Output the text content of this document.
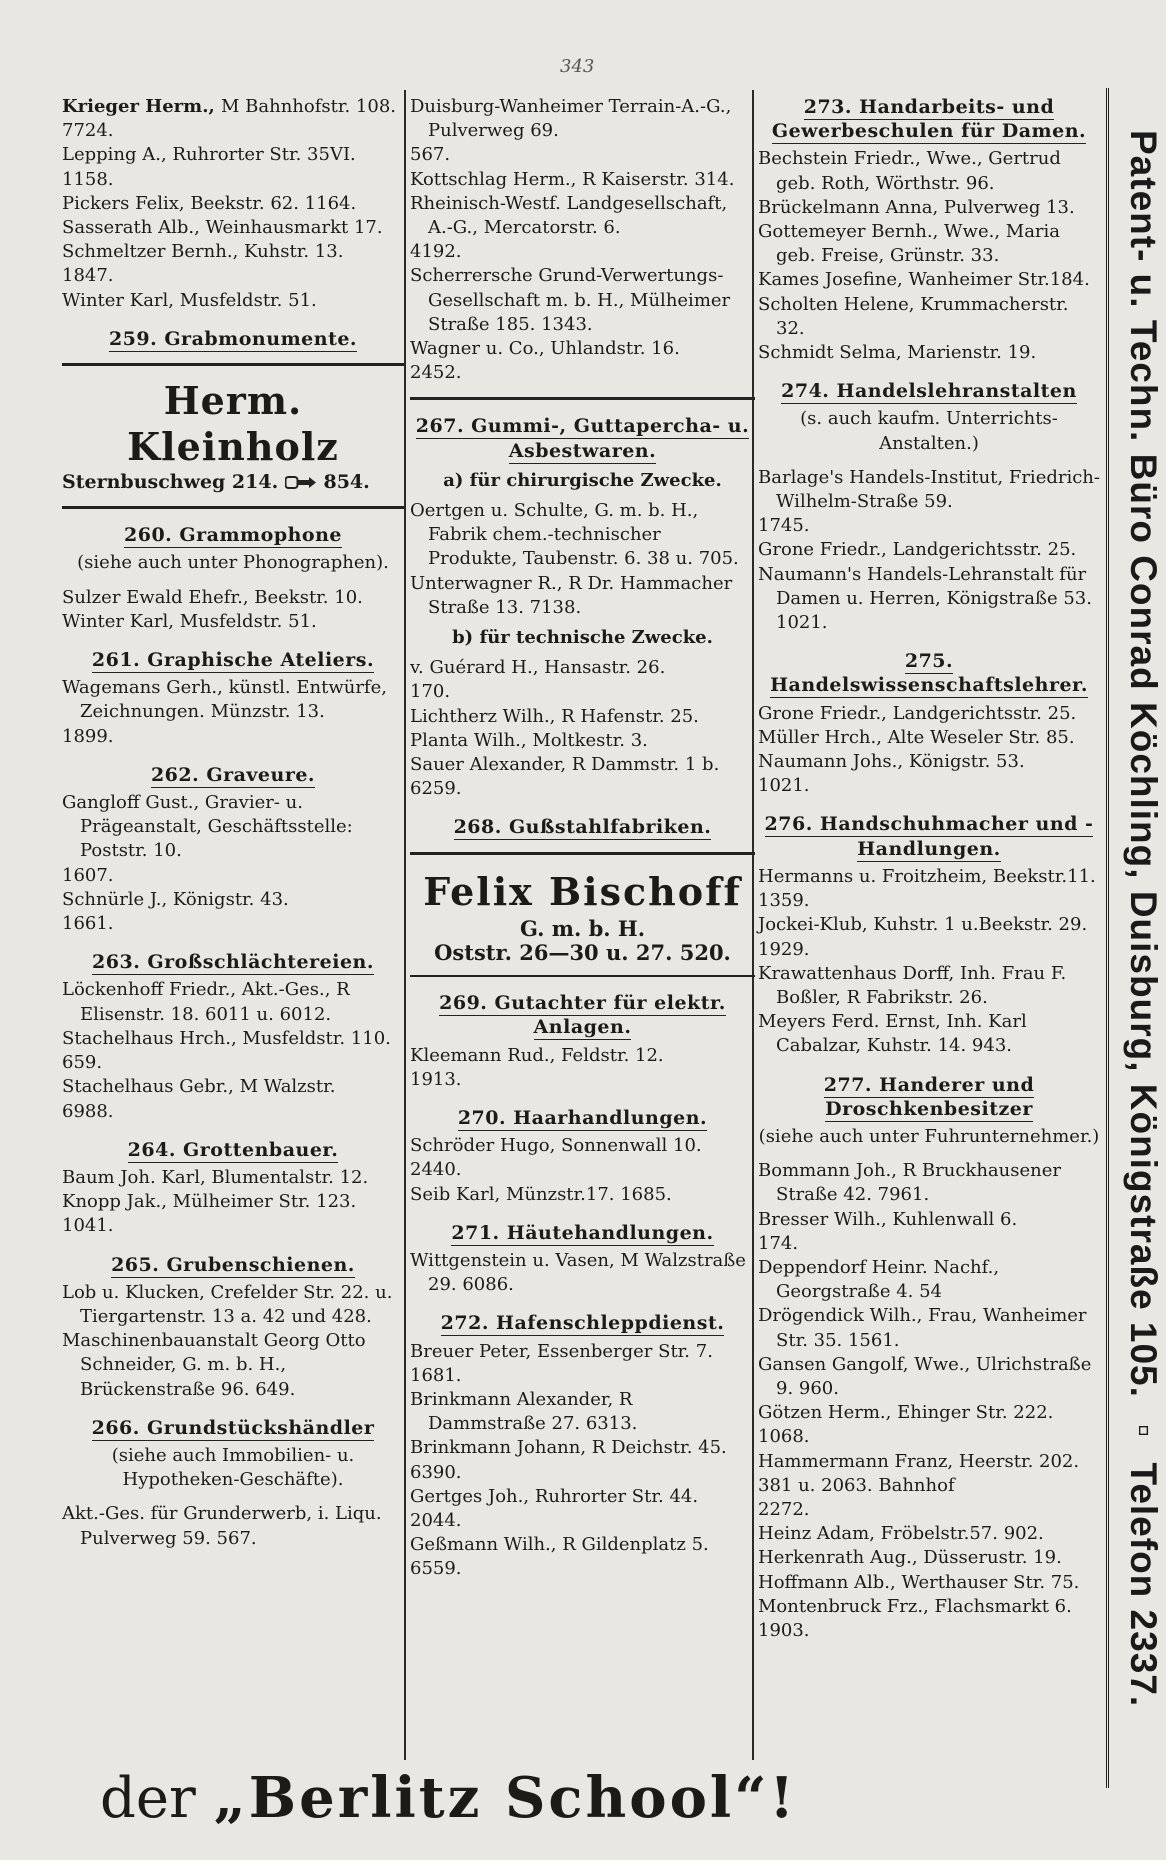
343

Krieger Herm., M Bahnhofstr. 108.

7724.

Lepping A., Ruhrorter Str. 35VI.

1158.

Pickers Felix, Beekstr. 62. 1164.

Sasserath Alb., Weinhausmarkt 17.

Schmeltzer Bernh., Kuhstr. 13.

1847.

Winter Karl, Musfeldstr. 51.

259. Grabmonumente.
Herm. Kleinholz
Sternbuschweg 214. 854.
260. Grammophone
(siehe auch unter Phonographen).

Sulzer Ewald Ehefr., Beekstr. 10.

Winter Karl, Musfeldstr. 51.

261. Graphische Ateliers.

Wagemans Gerh., künstl. Entwürfe, Zeichnungen. Münzstr. 13.

1899.

262. Graveure.

Gangloff Gust., Gravier- u. Prägeanstalt, Geschäftsstelle: Poststr. 10.

1607.

Schnürle J., Königstr. 43.

1661.

263. Großschlächtereien.

Löckenhoff Friedr., Akt.-Ges., R Elisenstr. 18. 6011 u. 6012.

Stachelhaus Hrch., Musfeldstr. 110.

659.

Stachelhaus Gebr., M Walzstr.

6988.

264. Grottenbauer.

Baum Joh. Karl, Blumentalstr. 12.

Knopp Jak., Mülheimer Str. 123.

1041.

265. Grubenschienen.

Lob u. Klucken, Crefelder Str. 22. u. Tiergartenstr. 13 a. 42 und 428.

Maschinenbauanstalt Georg Otto Schneider, G. m. b. H., Brückenstraße 96. 649.

266. Grundstückshändler
(siehe auch Immobilien- u. Hypotheken-Geschäfte).

Akt.-Ges. für Grunderwerb, i. Liqu. Pulverweg 59. 567.

Duisburg-Wanheimer Terrain-A.-G., Pulverweg 69.

567.

Kottschlag Herm., R Kaiserstr. 314.

Rheinisch-Westf. Landgesellschaft, A.-G., Mercatorstr. 6.

4192.

Scherrersche Grund-Verwertungs-Gesellschaft m. b. H., Mülheimer Straße 185. 1343.

Wagner u. Co., Uhlandstr. 16.

2452.

267. Gummi-, Guttapercha- u. Asbestwaren.
a) für chirurgische Zwecke.

Oertgen u. Schulte, G. m. b. H., Fabrik chem.-technischer Produkte, Taubenstr. 6. 38 u. 705.

Unterwagner R., R Dr. Hammacher Straße 13. 7138.

b) für technische Zwecke.

v. Guérard H., Hansastr. 26.

170.

Lichtherz Wilh., R Hafenstr. 25.

Planta Wilh., Moltkestr. 3.

Sauer Alexander, R Dammstr. 1 b.

6259.

268. Gußstahlfabriken.
Felix Bischoff
G. m. b. H.
Oststr. 26—30 u. 27. 520.
269. Gutachter für elektr. Anlagen.

Kleemann Rud., Feldstr. 12.

1913.

270. Haarhandlungen.

Schröder Hugo, Sonnenwall 10.

2440.

Seib Karl, Münzstr.17. 1685.

271. Häutehandlungen.

Wittgenstein u. Vasen, M Walzstraße 29. 6086.

272. Hafenschleppdienst.

Breuer Peter, Essenberger Str. 7.

1681.

Brinkmann Alexander, R Dammstraße 27. 6313.

Brinkmann Johann, R Deichstr. 45.

6390.

Gertges Joh., Ruhrorter Str. 44.

2044.

Geßmann Wilh., R Gildenplatz 5.

6559.

273. Handarbeits- und Gewerbeschulen für Damen.

Bechstein Friedr., Wwe., Gertrud geb. Roth, Wörthstr. 96.

Brückelmann Anna, Pulverweg 13.

Gottemeyer Bernh., Wwe., Maria geb. Freise, Grünstr. 33.

Kames Josefine, Wanheimer Str.184.

Scholten Helene, Krummacherstr. 32.

Schmidt Selma, Marienstr. 19.

274. Handelslehranstalten
(s. auch kaufm. Unterrichts-Anstalten.)

Barlage's Handels-Institut, Friedrich-Wilhelm-Straße 59.

1745.

Grone Friedr., Landgerichtsstr. 25.

Naumann's Handels-Lehranstalt für Damen u. Herren, Königstraße 53. 1021.

275. Handelswissenschaftslehrer.

Grone Friedr., Landgerichtsstr. 25.

Müller Hrch., Alte Weseler Str. 85.

Naumann Johs., Königstr. 53.

1021.

276. Handschuhmacher und -Handlungen.

Hermanns u. Froitzheim, Beekstr.11.

1359.

Jockei-Klub, Kuhstr. 1 u.Beekstr. 29.

1929.

Krawattenhaus Dorff, Inh. Frau F. Boßler, R Fabrikstr. 26.

Meyers Ferd. Ernst, Inh. Karl Cabalzar, Kuhstr. 14. 943.

277. Handerer und Droschkenbesitzer
(siehe auch unter Fuhrunternehmer.)

Bommann Joh., R Bruckhausener Straße 42. 7961.

Bresser Wilh., Kuhlenwall 6.

174.

Deppendorf Heinr. Nachf., Georgstraße 4. 54

Drögendick Wilh., Frau, Wanheimer Str. 35. 1561.

Gansen Gangolf, Wwe., Ulrichstraße 9. 960.

Götzen Herm., Ehinger Str. 222.

1068.

Hammermann Franz, Heerstr. 202.

381 u. 2063. Bahnhof

2272.

Heinz Adam, Fröbelstr.57. 902.

Herkenrath Aug., Düsserustr. 19.

Hoffmann Alb., Werthauser Str. 75.

Montenbruck Frz., Flachsmarkt 6.

1903.	Patent- u. Techn. Büro Conrad Köchling, Duisburg, Königstraße 105. ▫ Telefon 2337.
der „Berlitz School“!
